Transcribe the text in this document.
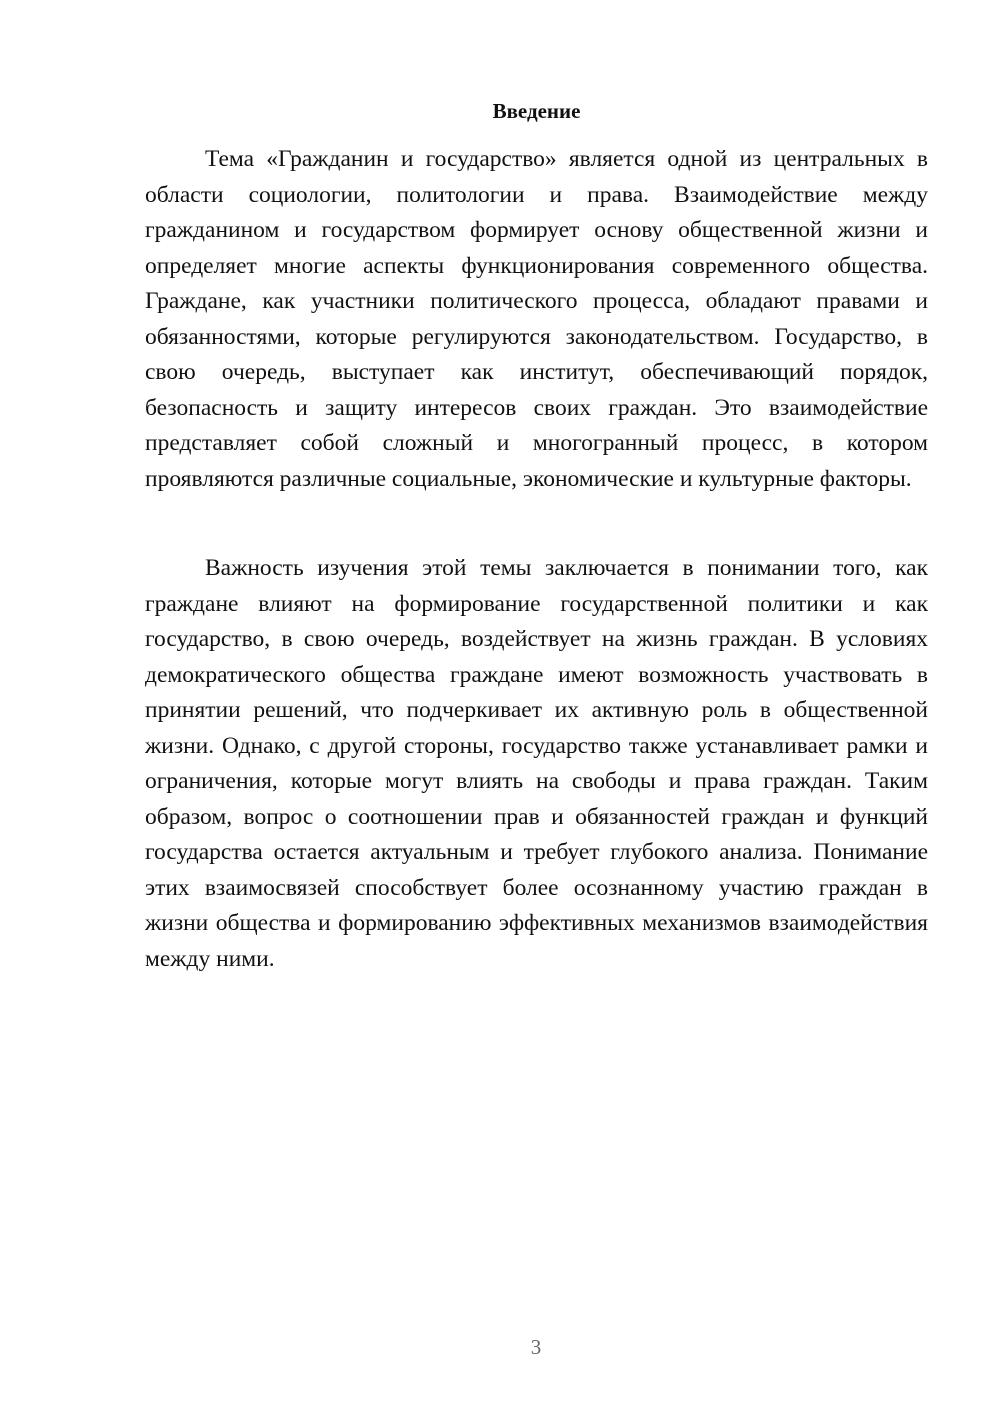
Введение

Тема «Гражданин и государство» является одной из центральных в области социологии, политологии и права. Взаимодействие между гражданином и государством формирует основу общественной жизни и определяет многие аспекты функционирования современного общества. Граждане, как участники политического процесса, обладают правами и обязанностями, которые регулируются законодательством. Государство, в свою очередь, выступает как институт, обеспечивающий порядок, безопасность и защиту интересов своих граждан. Это взаимодействие представляет собой сложный и многогранный процесс, в котором проявляются различные социальные, экономические и культурные факторы.

Важность изучения этой темы заключается в понимании того, как граждане влияют на формирование государственной политики и как государство, в свою очередь, воздействует на жизнь граждан. В условиях демократического общества граждане имеют возможность участвовать в принятии решений, что подчеркивает их активную роль в общественной жизни. Однако, с другой стороны, государство также устанавливает рамки и ограничения, которые могут влиять на свободы и права граждан. Таким образом, вопрос о соотношении прав и обязанностей граждан и функций государства остается актуальным и требует глубокого анализа. Понимание этих взаимосвязей способствует более осознанному участию граждан в жизни общества и формированию эффективных механизмов взаимодействия между ними.

3
